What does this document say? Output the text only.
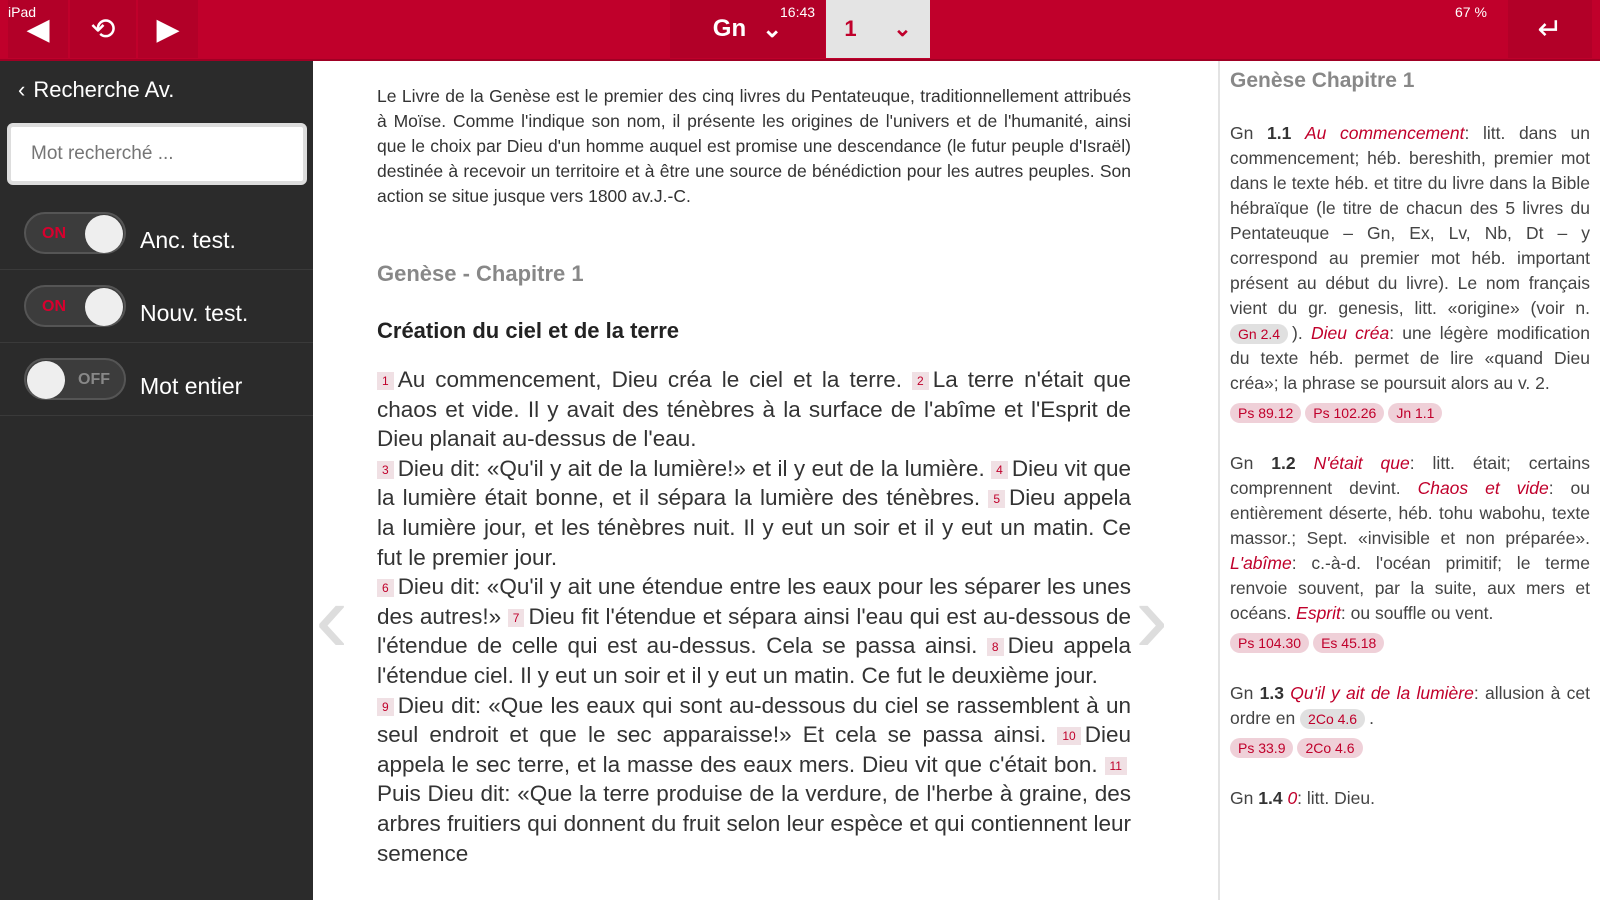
iPad
◀ ⟲ ▶	Gn ⌄
16:43
1 ⌄
67 %
↵
‹ Recherche Av.
Mot recherché ...
ON	Anc. test.
ON	Nouv. test.
OFF Mot entier

Le Livre de la Genèse est le premier des cinq livres du Pentateuque, traditionnellement attribués à Moïse. Comme l'indique son nom, il présente les origines de l'univers et de l'humanité, ainsi que le choix par Dieu d'un homme auquel est promise une descendance (le futur peuple d'Israël) destinée à recevoir un territoire et à être une source de bénédiction pour les autres peuples. Son action se situe jusque vers 1800 av.J.-C.

Genèse - Chapitre 1
Création du ciel et de la terre
1 Au commencement, Dieu créa le ciel et la terre. 2 La terre n'était que chaos et vide. Il y avait des ténèbres à la surface de l'abîme et l'Esprit de Dieu planait au-dessus de l'eau.
3 Dieu dit: «Qu'il y ait de la lumière!» et il y eut de la lumière. 4 Dieu vit que la lumière était bonne, et il sépara la lumière des ténèbres. 5 Dieu appela la lumière jour, et les ténèbres nuit. Il y eut un soir et il y eut un matin. Ce fut le premier jour.
6 Dieu dit: «Qu'il y ait une étendue entre les eaux pour les séparer les unes des autres!» 7 Dieu fit l'étendue et sépara ainsi l'eau qui est au-dessous de l'étendue de celle qui est au-dessus. Cela se passa ainsi. 8 Dieu appela l'étendue ciel. Il y eut un soir et il y eut un matin. Ce fut le deuxième jour.
9 Dieu dit: «Que les eaux qui sont au-dessous du ciel se rassemblent à un seul endroit et que le sec apparaisse!» Et cela se passa ainsi. 10 Dieu appela le sec terre, et la masse des eaux mers. Dieu vit que c'était bon. 11Puis Dieu dit: «Que la terre produise de la verdure, de l'herbe à graine, des arbres fruitiers qui donnent du fruit selon leur espèce et qui contiennent leur semence
‹	›
Genèse Chapitre 1
Gn 1.1 Au commencement: litt. dans un commencement; héb. bereshith, premier mot dans le texte héb. et titre du livre dans la Bible hébraïque (le titre de chacun des 5 livres du Pentateuque – Gn, Ex, Lv, Nb, Dt – y correspond au premier mot héb. important présent au début du livre). Le nom français vient du gr. genesis, litt. «origine» (voir n. Gn 2.4 ). Dieu créa: une légère modification du texte héb. permet de lire «quand Dieu créa»; la phrase se poursuit alors au v. 2.
Ps 89.12 Ps 102.26 Jn 1.1
Gn 1.2 N'était que: litt. était; certains comprennent devint. Chaos et vide: ou entièrement déserte, héb. tohu wabohu, texte massor.; Sept. «invisible et non préparée». L'abîme: c.-à-d. l'océan primitif; le terme renvoie souvent, par la suite, aux mers et océans. Esprit: ou souffle ou vent.
Ps 104.30 Es 45.18
Gn 1.3 Qu'il y ait de la lumière: allusion à cet ordre en 2Co 4.6 .
Ps 33.9 2Co 4.6
Gn 1.4 0: litt. Dieu.
